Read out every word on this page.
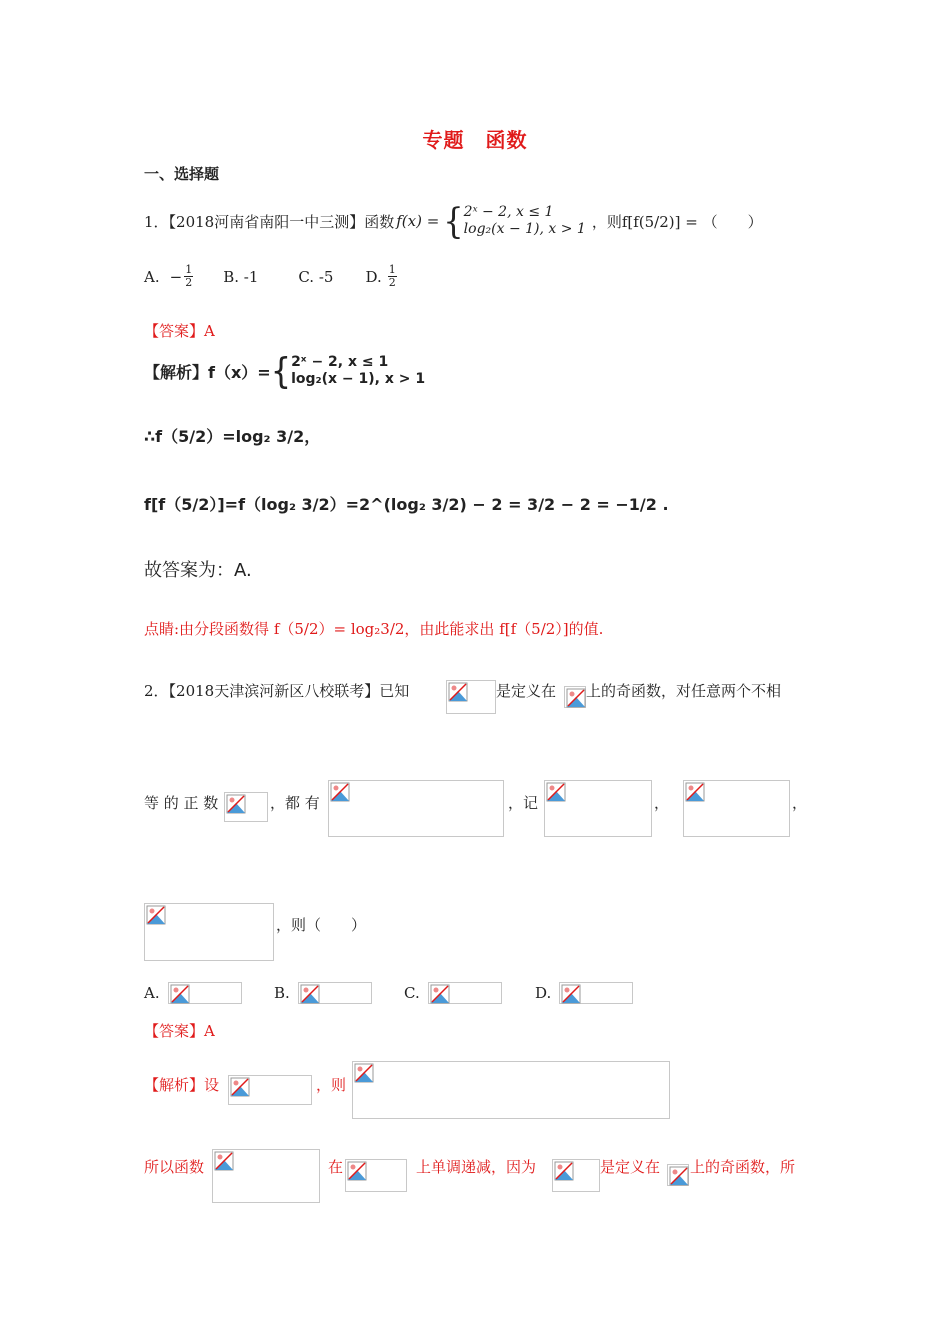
专题　函数
一、选择题
1．【2018河南省南阳一中三测】函数 f(x) = { 2ˣ − 2, x ≤ 1
log₂(x − 1), x > 1 ，则f[f(5/2)] = （　　）
A. − $\frac{1}{2} B$. -1	C. -5 D. $\frac{1}{2}$
【答案】A
【解析】f（x）= { 2ˣ − 2, x ≤ 1
log₂(x − 1), x > 1
∴f（5/2）=log₂ 3/2，
f[f（5/2）]=f（log₂ 3/2）=2^(log₂ 3/2) − 2 = 3/2 − 2 = −1/2 .
故答案为：A.
点睛:由分段函数得 f（5/2）= log₂3/2，由此能求出 f[f（5/2）]的值.
2．【2018天津滨河新区八校联考】已知	是定义在 上的奇函数，对任意两个不相
等 的 正 数	，都 有	，记	，	，
，则（　　）
A.	B.	C.	D.
【答案】A
【解析】设	，则
所以函数	在	上单调递减，因为	是定义在 上的奇函数，所
